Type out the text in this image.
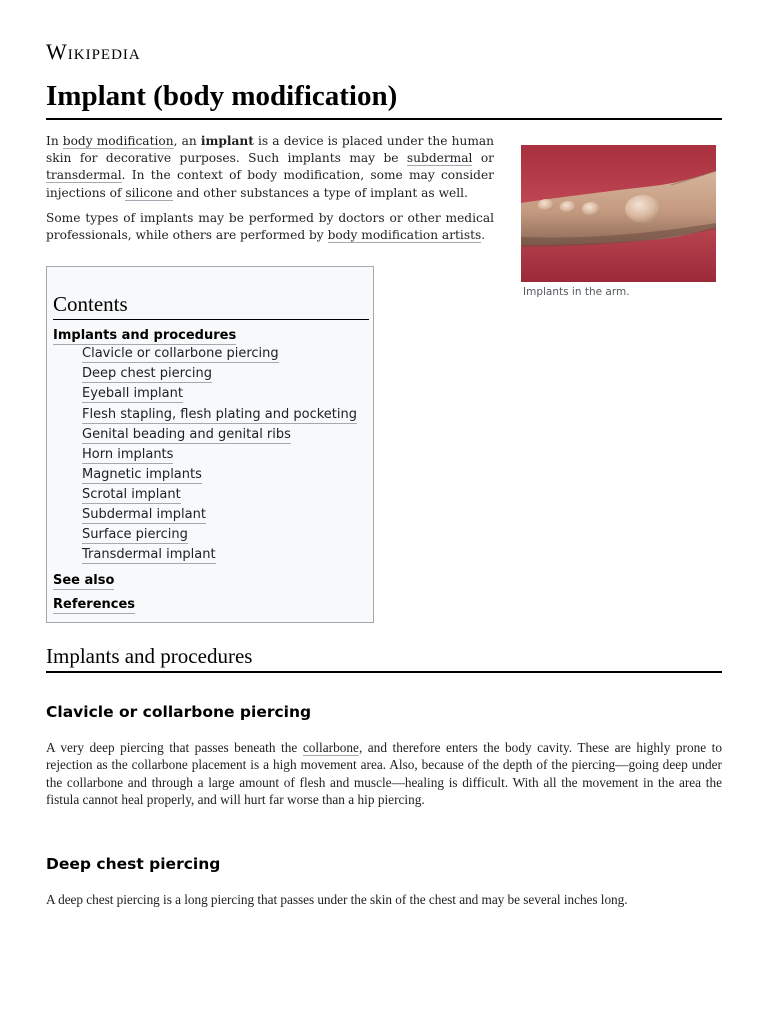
Wikipedia
Implant (body modification)

In body modification, an implant is a device is placed under the human skin for decorative purposes. Such implants may be subdermal or transdermal. In the context of body modification, some may consider injections of silicone and other substances a type of implant as well.

Some types of implants may be performed by doctors or other medical professionals, while others are performed by body modification artists.

Implants in the arm.
Contents
Implants and procedures
Clavicle or collarbone piercing
Deep chest piercing
Eyeball implant
Flesh stapling, flesh plating and pocketing
Genital beading and genital ribs
Horn implants
Magnetic implants
Scrotal implant
Subdermal implant
Surface piercing
Transdermal implant
See also
References
Implants and procedures
Clavicle or collarbone piercing

A very deep piercing that passes beneath the collarbone, and therefore enters the body cavity. These are highly prone to rejection as the collarbone placement is a high movement area. Also, because of the depth of the piercing—going deep under the collarbone and through a large amount of flesh and muscle—healing is difficult. With all the movement in the area the fistula cannot heal properly, and will hurt far worse than a hip piercing.

Deep chest piercing

A deep chest piercing is a long piercing that passes under the skin of the chest and may be several inches long.
